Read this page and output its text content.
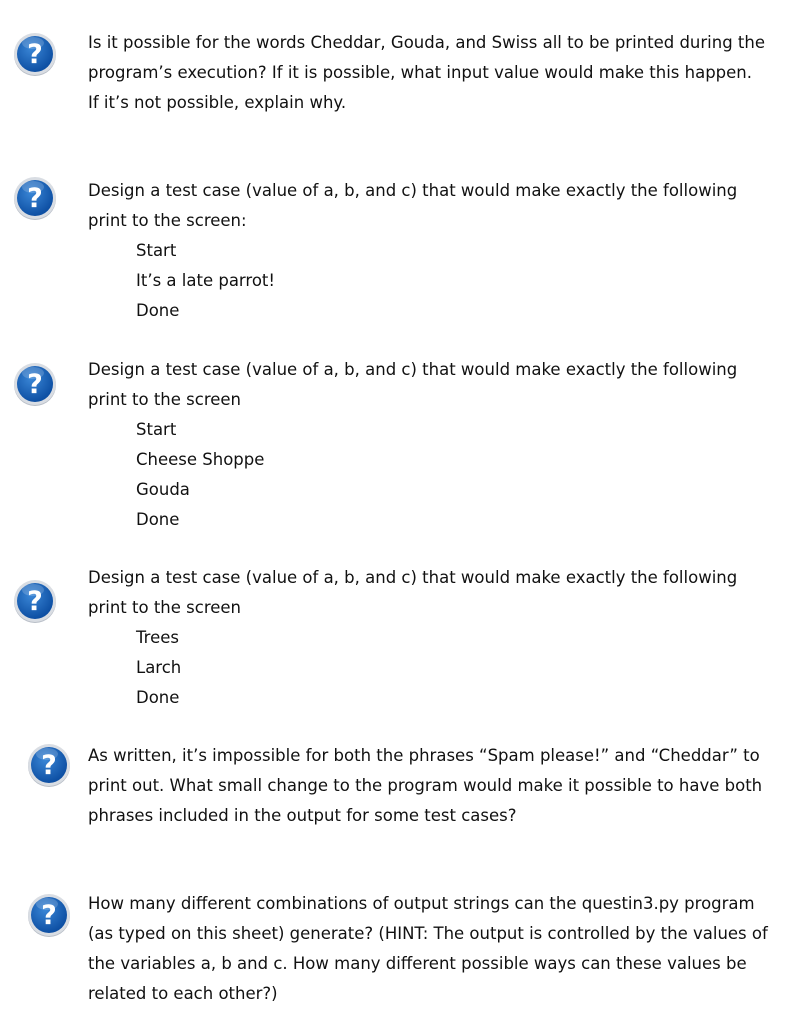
?	Is it possible for the words Cheddar, Gouda, and Swiss all to be printed during the
program’s execution? If it is possible, what input value would make this happen.
If it’s not possible, explain why.
?	Design a test case (value of a, b, and c) that would make exactly the following
print to the screen:
Start
It’s a late parrot!
Done
?	Design a test case (value of a, b, and c) that would make exactly the following
print to the screen
Start
Cheese Shoppe
Gouda
Done
?
Design a test case (value of a, b, and c) that would make exactly the following
print to the screen
Trees
Larch
Done
? As written, it’s impossible for both the phrases “Spam please!” and “Cheddar” to
print out. What small change to the program would make it possible to have both
phrases included in the output for some test cases?
? How many different combinations of output strings can the questin3.py program
(as typed on this sheet) generate? (HINT: The output is controlled by the values of
the variables a, b and c. How many different possible ways can these values be
related to each other?)
